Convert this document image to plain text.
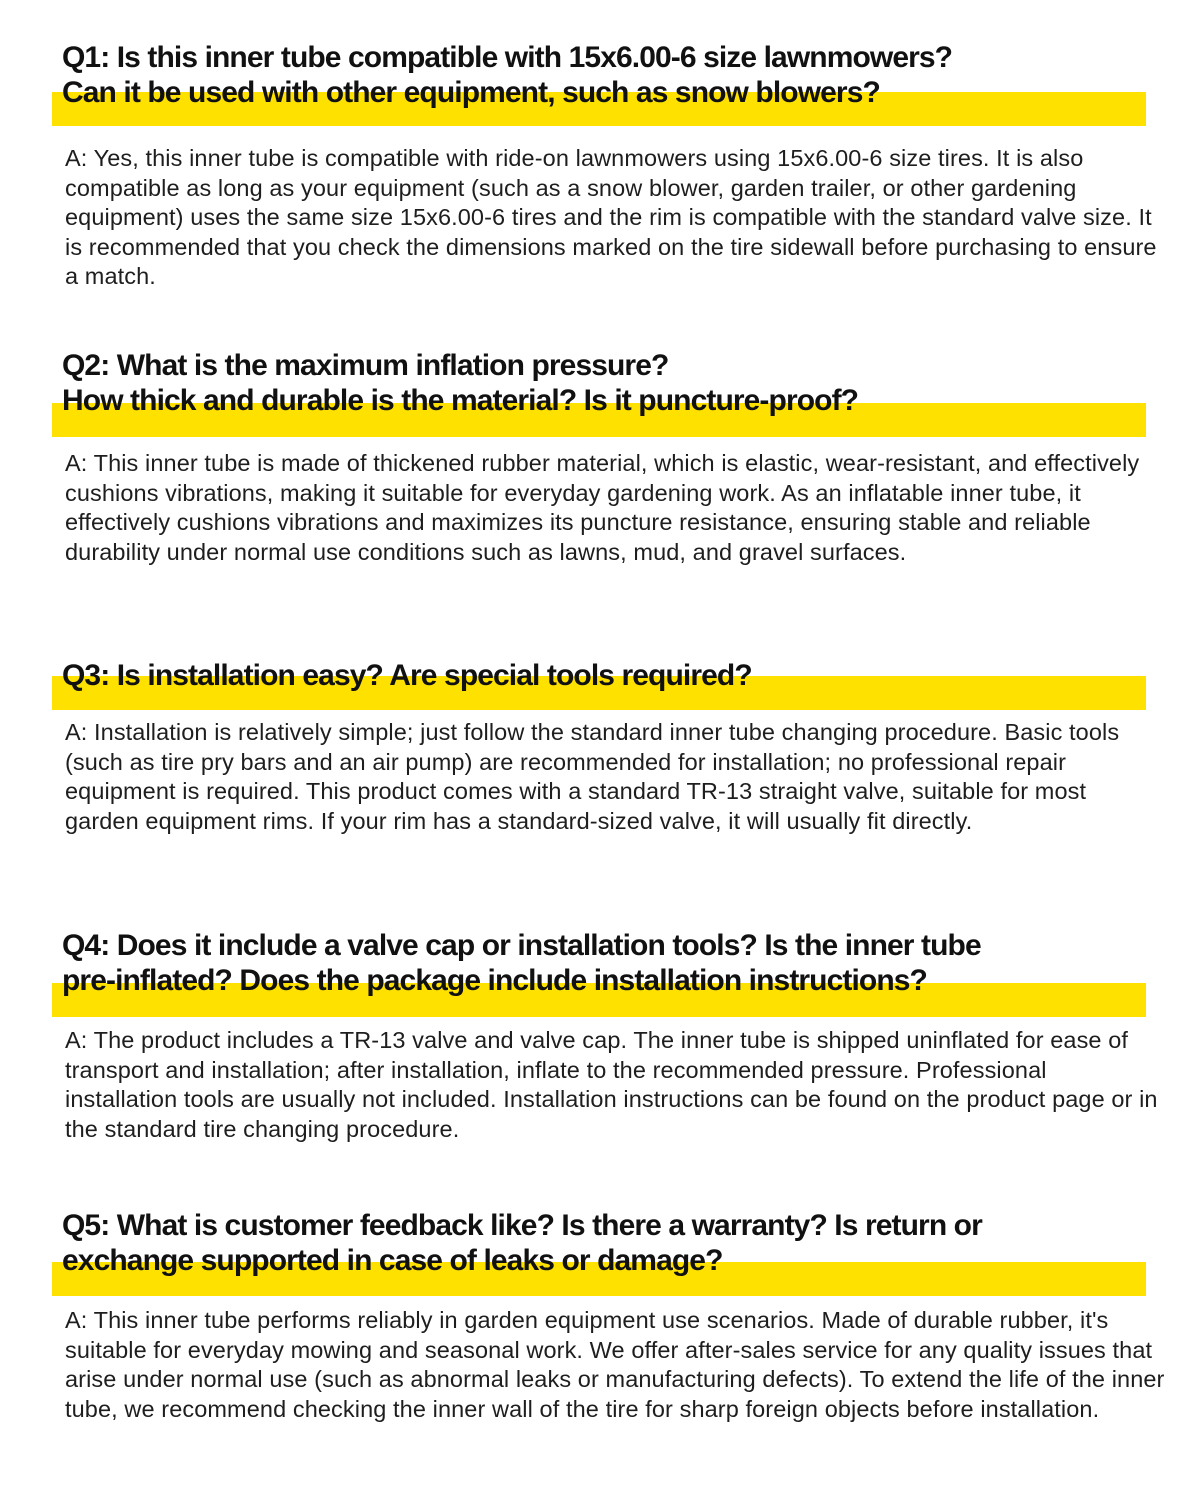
Q1: Is this inner tube compatible with 15x6.00-6 size lawnmowers?
Can it be used with other equipment, such as snow blowers?

A: Yes, this inner tube is compatible with ride-on lawnmowers using 15x6.00-6 size tires. It is also compatible as long as your equipment (such as a snow blower, garden trailer, or other gardening equipment) uses the same size 15x6.00-6 tires and the rim is compatible with the standard valve size. It is recommended that you check the dimensions marked on the tire sidewall before purchasing to ensure a match.

Q2: What is the maximum inflation pressure?
How thick and durable is the material? Is it puncture-proof?

A: This inner tube is made of thickened rubber material, which is elastic, wear-resistant, and effectively cushions vibrations, making it suitable for everyday gardening work. As an inflatable inner tube, it effectively cushions vibrations and maximizes its puncture resistance, ensuring stable and reliable durability under normal use conditions such as lawns, mud, and gravel surfaces.

Q3: Is installation easy? Are special tools required?

A: Installation is relatively simple; just follow the standard inner tube changing procedure. Basic tools (such as tire pry bars and an air pump) are recommended for installation; no professional repair equipment is required. This product comes with a standard TR-13 straight valve, suitable for most garden equipment rims. If your rim has a standard-sized valve, it will usually fit directly.

Q4: Does it include a valve cap or installation tools? Is the inner tube
pre-inflated? Does the package include installation instructions?

A: The product includes a TR-13 valve and valve cap. The inner tube is shipped uninflated for ease of transport and installation; after installation, inflate to the recommended pressure. Professional installation tools are usually not included. Installation instructions can be found on the product page or in the standard tire changing procedure.

Q5: What is customer feedback like? Is there a warranty? Is return or
exchange supported in case of leaks or damage?

A: This inner tube performs reliably in garden equipment use scenarios. Made of durable rubber, it's suitable for everyday mowing and seasonal work. We offer after-sales service for any quality issues that arise under normal use (such as abnormal leaks or manufacturing defects). To extend the life of the inner tube, we recommend checking the inner wall of the tire for sharp foreign objects before installation.
